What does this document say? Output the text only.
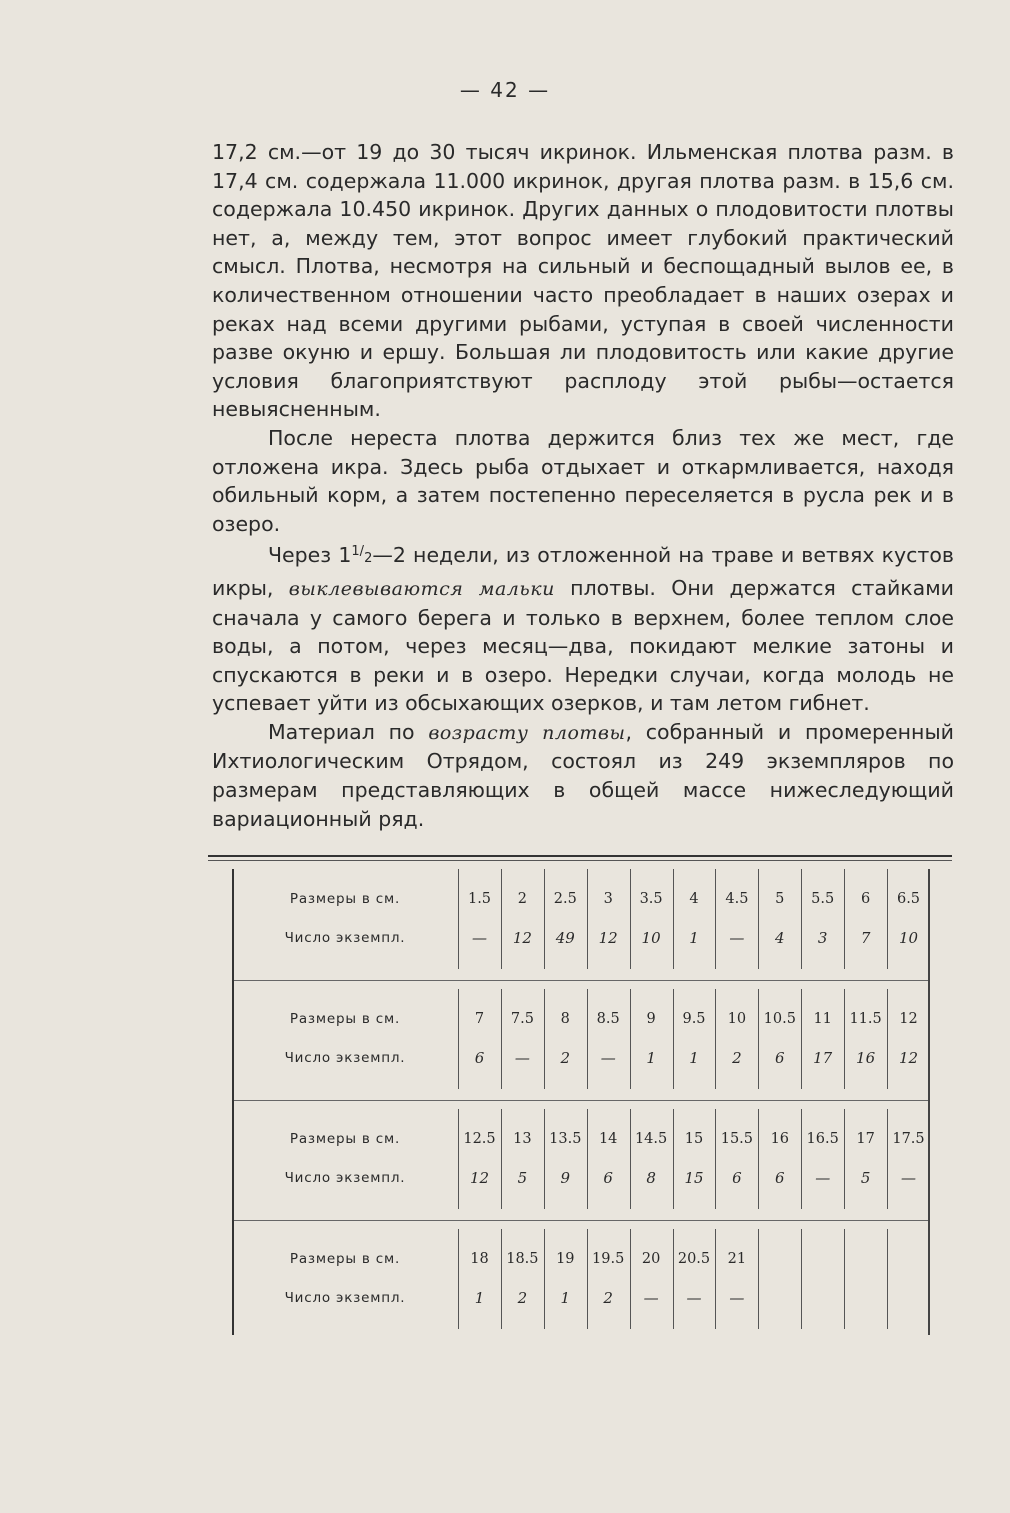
— 42 —

17,2 см.—от 19 до 30 тысяч икринок. Ильменская плотва разм. в 17,4 см. содержала 11.000 икринок, другая плотва разм. в 15,6 см. содержала 10.450 икринок. Других данных о плодовитости плотвы нет, а, между тем, этот вопрос имеет глубокий практический смысл. Плотва, несмотря на сильный и беспощадный вылов ее, в количественном отношении часто преобладает в наших озерах и реках над всеми другими рыбами, уступая в своей численности разве окуню и ершу. Большая ли плодовитость или какие другие условия благоприятствуют расплоду этой рыбы—остается невыясненным.

После нереста плотва держится близ тех же мест, где отложена икра. Здесь рыба отдыхает и откармливается, находя обильный корм, а затем постепенно переселяется в русла рек и в озеро.

Через $1^{1/}2—2$ недели, из отложенной на траве и ветвях кустов икры, выклевываются мальки плотвы. Они держатся стайками сначала у самого берега и только в верхнем, более теплом слое воды, а потом, через месяц—два, покидают мелкие затоны и спускаются в реки и в озеро. Нередки случаи, когда молодь не успевает уйти из обсыхающих озерков, и там летом гибнет.

Материал по возрасту плотвы, собранный и промеренный Ихтиологическим Отрядом, состоял из 249 экземпляров по размерам представляющих в общей массе нижеследующий вариационный ряд.

Размеры в см.
Число экземпл.
1.5
—
2
12
2.5
49
3
12
3.5
10
4
1
4.5
—
5
4
5.5
3
6
7
6.5
10
Размеры в см.
Число экземпл.
7
6
7.5
—
8
2
8.5
—
9
1
9.5
1
10
2
10.5
6
11
17
11.5
16
12
12
Размеры в см.
Число экземпл.
12.5
12
13
5
13.5
9
14
6
14.5
8
15
15
15.5
6
16
6
16.5
—
17
5
17.5
—
Размеры в см.
Число экземпл.
18
1
18.5
2
19
1
19.5
2
20
—
20.5
—
21
—
